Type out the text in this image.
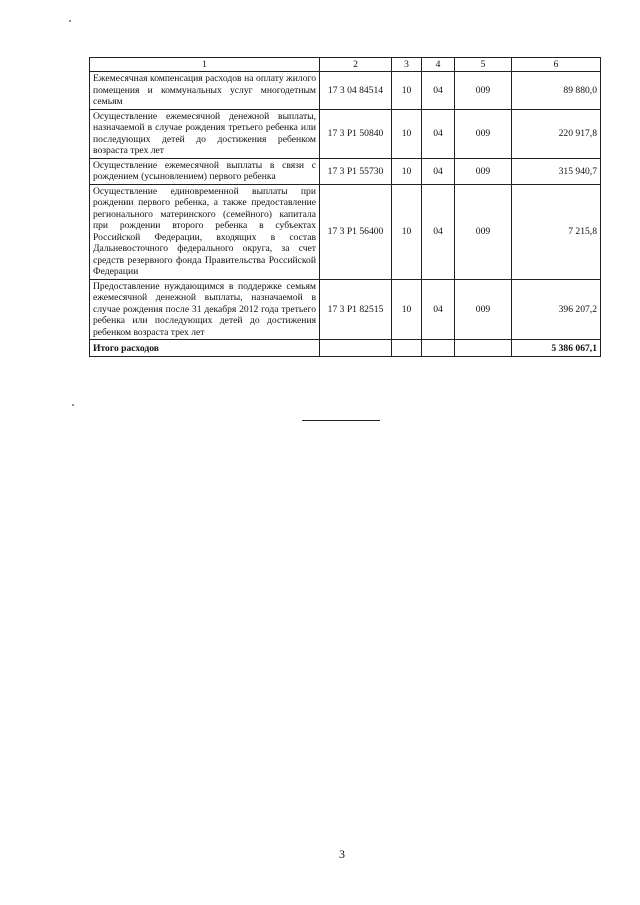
1	2	3	4	5	6
Ежемесячная компенсация расходов на оплату жилого помещения и коммунальных услуг многодетным семьям	17 3 04 84514	10	04	009	89 880,0
Осуществление ежемесячной денежной выплаты, назначаемой в случае рождения третьего ребенка или последующих детей до достижения ребенком возраста трех лет	17 3 P1 50840	10	04	009	220 917,8
Осуществление ежемесячной выплаты в связи с рождением (усыновлением) первого ребенка	17 3 P1 55730	10	04	009	315 940,7
Осуществление единовременной выплаты при рождении первого ребенка, а также предоставление регионального материнского (семейного) капитала при рождении второго ребенка в субъектах Российской Федерации, входящих в состав Дальневосточного федерального округа, за счет средств резервного фонда Правительства Российской Федерации	17 3 P1 56400	10	04	009	7 215,8
Предоставление нуждающимся в поддержке семьям ежемесячной денежной выплаты, назначаемой в случае рождения после 31 декабря 2012 года третьего ребенка или последующих детей до достижения ребенком возраста трех лет	17 3 P1 82515	10	04	009	396 207,2
Итого расходов					5 386 067,1
3
